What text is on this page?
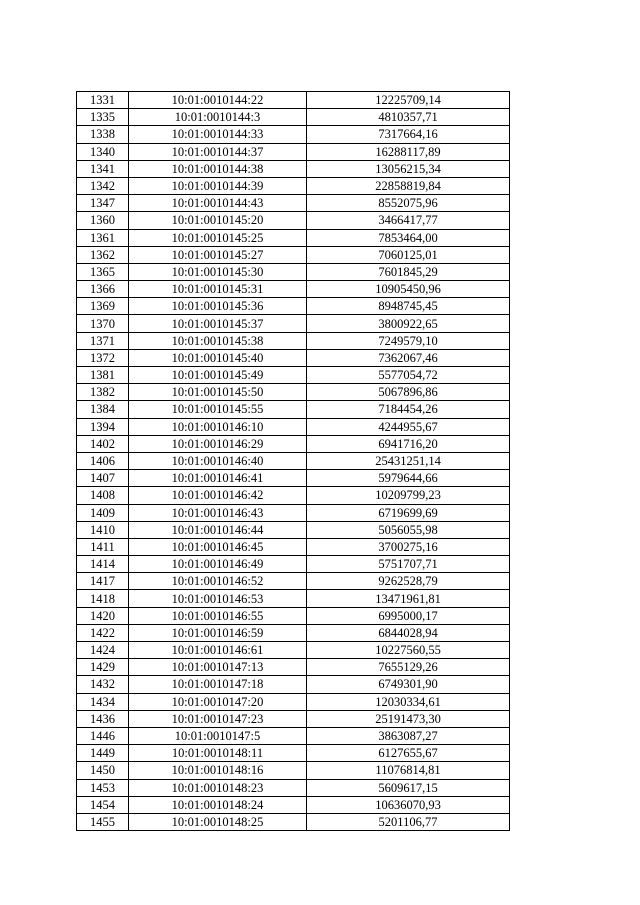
1331	10:01:0010144:22	12225709,14
1335	10:01:0010144:3	4810357,71
1338	10:01:0010144:33	7317664,16
1340	10:01:0010144:37	16288117,89
1341	10:01:0010144:38	13056215,34
1342	10:01:0010144:39	22858819,84
1347	10:01:0010144:43	8552075,96
1360	10:01:0010145:20	3466417,77
1361	10:01:0010145:25	7853464,00
1362	10:01:0010145:27	7060125,01
1365	10:01:0010145:30	7601845,29
1366	10:01:0010145:31	10905450,96
1369	10:01:0010145:36	8948745,45
1370	10:01:0010145:37	3800922,65
1371	10:01:0010145:38	7249579,10
1372	10:01:0010145:40	7362067,46
1381	10:01:0010145:49	5577054,72
1382	10:01:0010145:50	5067896,86
1384	10:01:0010145:55	7184454,26
1394	10:01:0010146:10	4244955,67
1402	10:01:0010146:29	6941716,20
1406	10:01:0010146:40	25431251,14
1407	10:01:0010146:41	5979644,66
1408	10:01:0010146:42	10209799,23
1409	10:01:0010146:43	6719699,69
1410	10:01:0010146:44	5056055,98
1411	10:01:0010146:45	3700275,16
1414	10:01:0010146:49	5751707,71
1417	10:01:0010146:52	9262528,79
1418	10:01:0010146:53	13471961,81
1420	10:01:0010146:55	6995000,17
1422	10:01:0010146:59	6844028,94
1424	10:01:0010146:61	10227560,55
1429	10:01:0010147:13	7655129,26
1432	10:01:0010147:18	6749301,90
1434	10:01:0010147:20	12030334,61
1436	10:01:0010147:23	25191473,30
1446	10:01:0010147:5	3863087,27
1449	10:01:0010148:11	6127655,67
1450	10:01:0010148:16	11076814,81
1453	10:01:0010148:23	5609617,15
1454	10:01:0010148:24	10636070,93
1455	10:01:0010148:25	5201106,77
